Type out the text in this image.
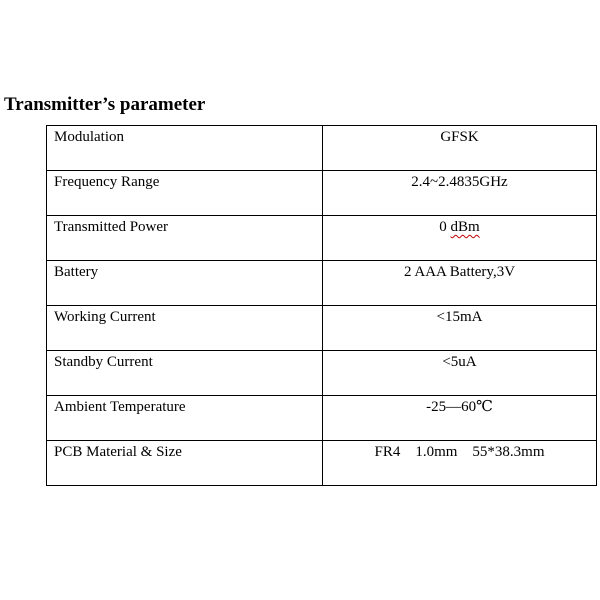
Transmitter’s parameter
Modulation	GFSK
Frequency Range	2.4~2.4835GHz
Transmitted Power	0 dBm
Battery	2 AAA Battery,3V
Working Current	<15mA
Standby Current	<5uA
Ambient Temperature	-25—60℃
PCB Material & Size	FR4    1.0mm    55*38.3mm
